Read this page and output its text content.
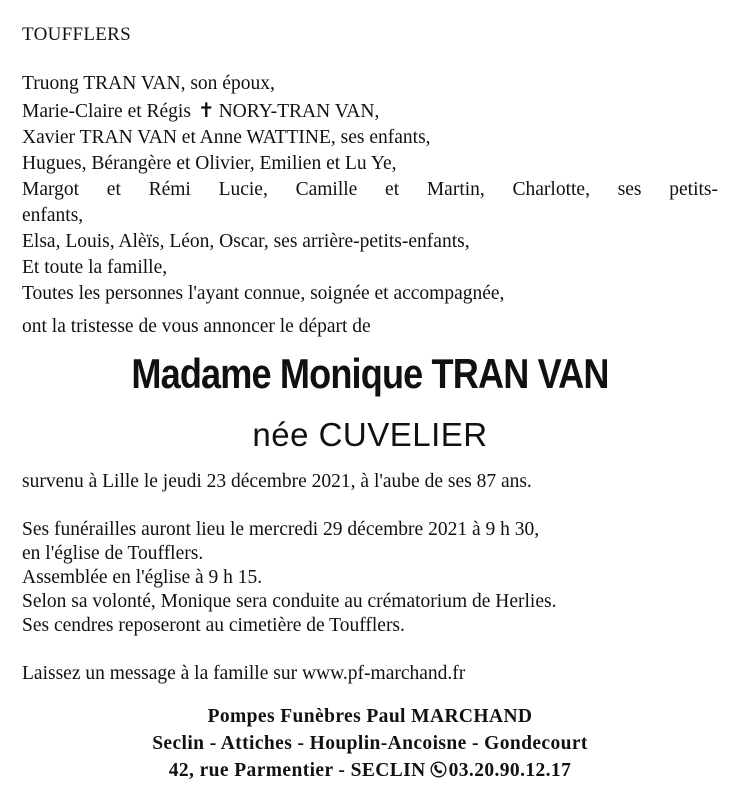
TOUFFLERS
Truong TRAN VAN, son époux,
Marie-Claire et Régis ✝ NORY-TRAN VAN,
Xavier TRAN VAN et Anne WATTINE, ses enfants,
Hugues, Bérangère et Olivier, Emilien et Lu Ye,
Margot et Rémi Lucie, Camille et Martin, Charlotte, ses petits-
enfants,
Elsa, Louis, Alèïs, Léon, Oscar, ses arrière-petits-enfants,
Et toute la famille,
Toutes les personnes l'ayant connue, soignée et accompagnée,
ont la tristesse de vous annoncer le départ de
Madame Monique TRAN VAN
née CUVELIER
survenu à Lille le jeudi 23 décembre 2021, à l'aube de ses 87 ans.
Ses funérailles auront lieu le mercredi 29 décembre 2021 à 9 h 30,
en l'église de Toufflers.
Assemblée en l'église à 9 h 15.
Selon sa volonté, Monique sera conduite au crématorium de Herlies.
Ses cendres reposeront au cimetière de Toufflers.
Laissez un message à la famille sur www.pf-marchand.fr
Pompes Funèbres Paul MARCHAND
Seclin - Attiches - Houplin-Ancoisne - Gondecourt
42, rue Parmentier - SECLIN 03.20.90.12.17
